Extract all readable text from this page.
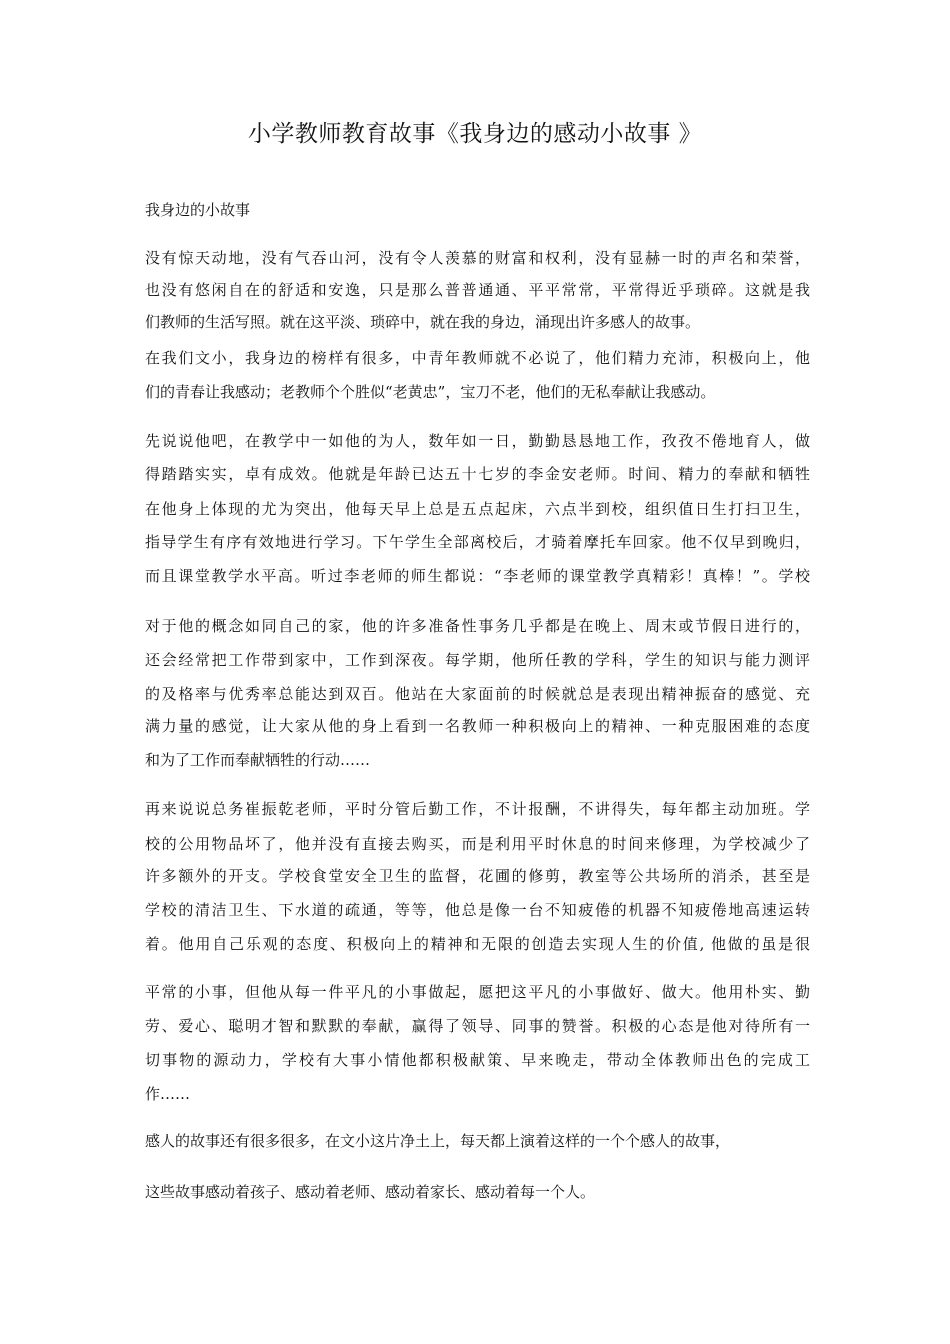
小学教师教育故事《我身边的感动小故事 》
我身边的小故事
没有惊天动地，没有气吞山河，没有令人羡慕的财富和权利，没有显赫一时的声名和荣誉，
也没有悠闲自在的舒适和安逸，只是那么普普通通、平平常常，平常得近乎琐碎。这就是我
们教师的生活写照。就在这平淡、琐碎中，就在我的身边，涌现出许多感人的故事。
在我们文小，我身边的榜样有很多，中青年教师就不必说了，他们精力充沛，积极向上，他
们的青春让我感动；老教师个个胜似“老黄忠”，宝刀不老，他们的无私奉献让我感动。
先说说他吧，在教学中一如他的为人，数年如一日，勤勤恳恳地工作，孜孜不倦地育人，做
得踏踏实实，卓有成效。他就是年龄已达五十七岁的李金安老师。时间、精力的奉献和牺牲
在他身上体现的尤为突出，他每天早上总是五点起床，六点半到校，组织值日生打扫卫生，
指导学生有序有效地进行学习。下午学生全部离校后，才骑着摩托车回家。他不仅早到晚归，
而且课堂教学水平高。听过李老师的师生都说：“李老师的课堂教学真精彩！真棒！”。学校
对于他的概念如同自己的家，他的许多准备性事务几乎都是在晚上、周末或节假日进行的，
还会经常把工作带到家中，工作到深夜。每学期，他所任教的学科，学生的知识与能力测评
的及格率与优秀率总能达到双百。他站在大家面前的时候就总是表现出精神振奋的感觉、充
满力量的感觉，让大家从他的身上看到一名教师一种积极向上的精神、一种克服困难的态度
和为了工作而奉献牺牲的行动……
再来说说总务崔振乾老师，平时分管后勤工作，不计报酬，不讲得失，每年都主动加班。学
校的公用物品坏了，他并没有直接去购买，而是利用平时休息的时间来修理，为学校减少了
许多额外的开支。学校食堂安全卫生的监督，花圃的修剪，教室等公共场所的消杀，甚至是
学校的清洁卫生、下水道的疏通，等等，他总是像一台不知疲倦的机器不知疲倦地高速运转
着。他用自己乐观的态度、积极向上的精神和无限的创造去实现人生的价值, 他做的虽是很
平常的小事，但他从每一件平凡的小事做起，愿把这平凡的小事做好、做大。他用朴实、勤
劳、爱心、聪明才智和默默的奉献，赢得了领导、同事的赞誉。积极的心态是他对待所有一
切事物的源动力，学校有大事小情他都积极献策、早来晚走，带动全体教师出色的完成工
作……
感人的故事还有很多很多，在文小这片净土上，每天都上演着这样的一个个感人的故事，
这些故事感动着孩子、感动着老师、感动着家长、感动着每一个人。
